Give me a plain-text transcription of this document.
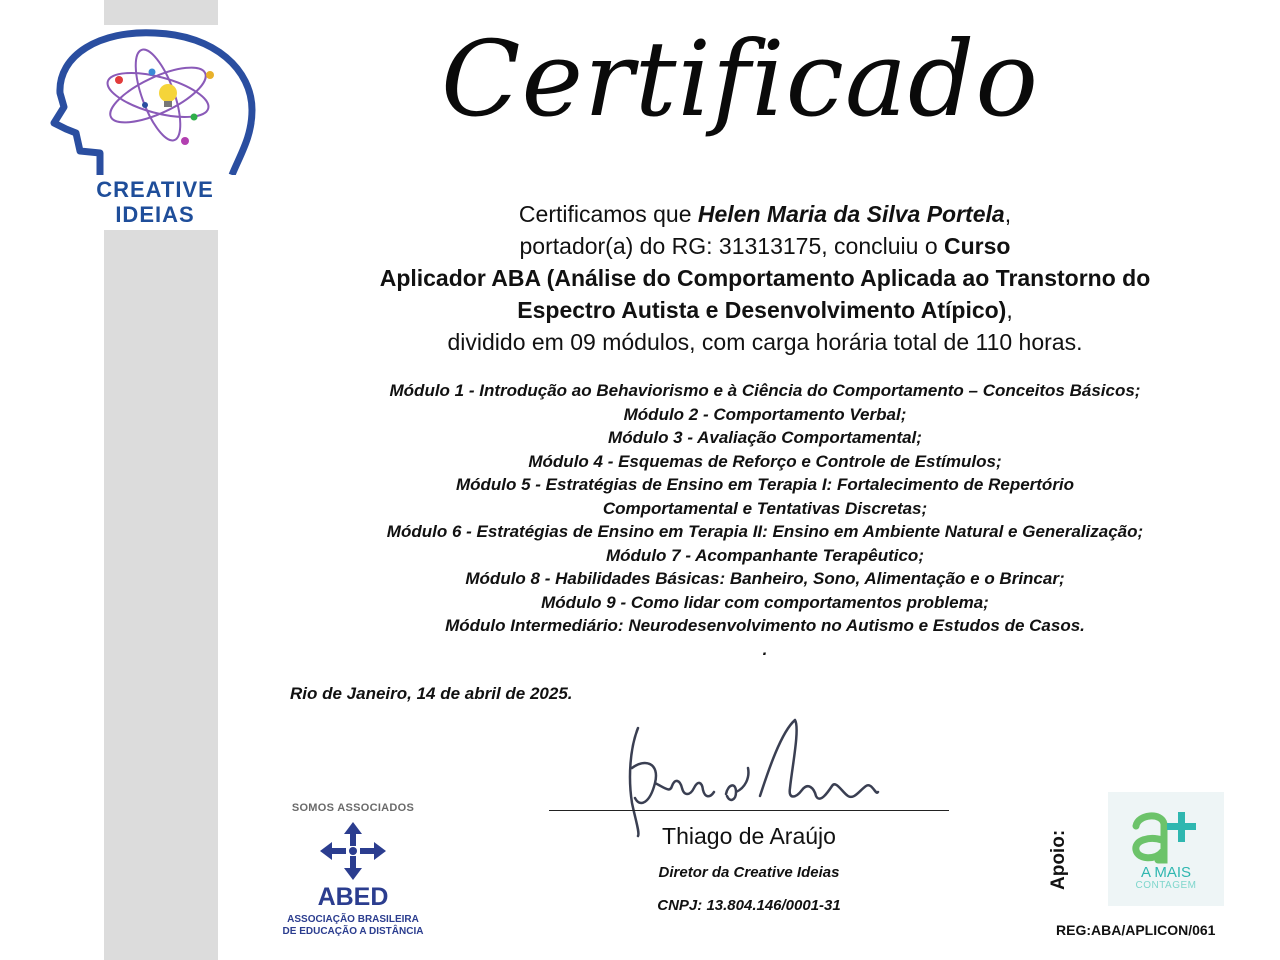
CREATIVE
IDEIAS
Certificado
Certificamos que Helen Maria da Silva Portela,
portador(a) do RG: 31313175, concluiu o Curso
Aplicador ABA (Análise do Comportamento Aplicada ao Transtorno do
Espectro Autista e Desenvolvimento Atípico),
dividido em 09 módulos, com carga horária total de 110 horas.
Módulo 1 - Introdução ao Behaviorismo e à Ciência do Comportamento – Conceitos Básicos;
Módulo 2 - Comportamento Verbal;
Módulo 3 - Avaliação Comportamental;
Módulo 4 - Esquemas de Reforço e Controle de Estímulos;
Módulo 5 - Estratégias de Ensino em Terapia I: Fortalecimento de Repertório
Comportamental e Tentativas Discretas;
Módulo 6 - Estratégias de Ensino em Terapia II: Ensino em Ambiente Natural e Generalização;
Módulo 7 - Acompanhante Terapêutico;
Módulo 8 - Habilidades Básicas: Banheiro, Sono, Alimentação e o Brincar;
Módulo 9 - Como lidar com comportamentos problema;
Módulo Intermediário: Neurodesenvolvimento no Autismo e Estudos de Casos.
.
Rio de Janeiro, 14 de abril de 2025.
Thiago de Araújo
Diretor da Creative Ideias
CNPJ: 13.804.146/0001-31
SOMOS ASSOCIADOS
ABED
ASSOCIAÇÃO BRASILEIRA
DE EDUCAÇÃO A DISTÂNCIA
Apoio:	A MAIS
CONTAGEM
REG:ABA/APLICON/061
